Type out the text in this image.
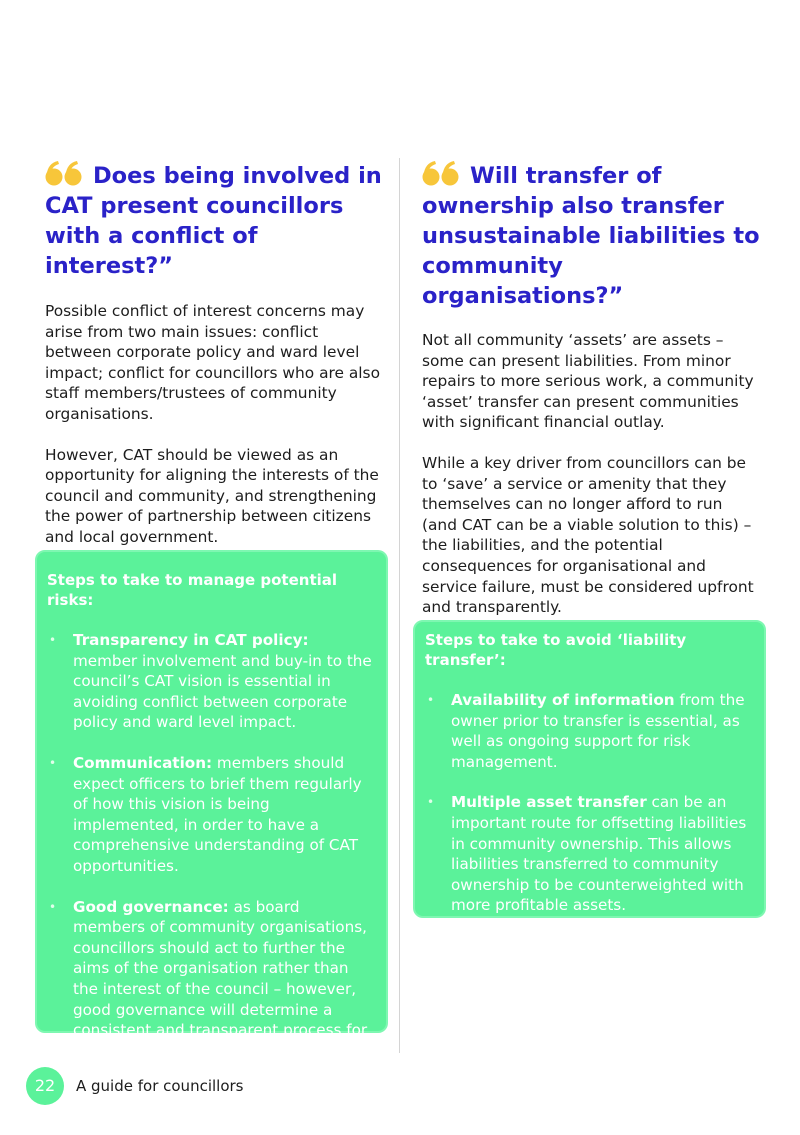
Does being involved in CAT present councillors with a conflict of interest?”

Possible conflict of interest concerns may arise from two main issues: conflict between corporate policy and ward level impact; conflict for councillors who are also staff members/trustees of community organisations.

However, CAT should be viewed as an opportunity for aligning the interests of the council and community, and strengthening the power of partnership between citizens and local government.

Steps to take to manage potential risks:

• Transparency in CAT policy: member involvement and buy-in to the council’s CAT vision is essential in avoiding conflict between corporate policy and ward level impact.
• Communication: members should expect officers to brief them regularly of how this vision is being implemented, in order to have a comprehensive understanding of CAT opportunities.
• Good governance: as board members of community organisations, councillors should act to further the aims of the organisation rather than the interest of the council – however, good governance will determine a consistent and transparent process for dealing with potential conflicts of interest.
Will transfer of ownership also transfer unsustainable liabilities to community organisations?”

Not all community ‘assets’ are assets – some can present liabilities. From minor repairs to more serious work, a community ‘asset’ transfer can present communities with significant financial outlay.

While a key driver from councillors can be to ‘save’ a service or amenity that they themselves can no longer afford to run (and CAT can be a viable solution to this) – the liabilities, and the potential consequences for organisational and service failure, must be considered upfront and transparently.

Steps to take to avoid ‘liability transfer’:

• Availability of information from the owner prior to transfer is essential, as well as ongoing support for risk management.
• Multiple asset transfer can be an important route for offsetting liabilities in community ownership. This allows liabilities transferred to community ownership to be counterweighted with more profitable assets.
22	A guide for councillors
